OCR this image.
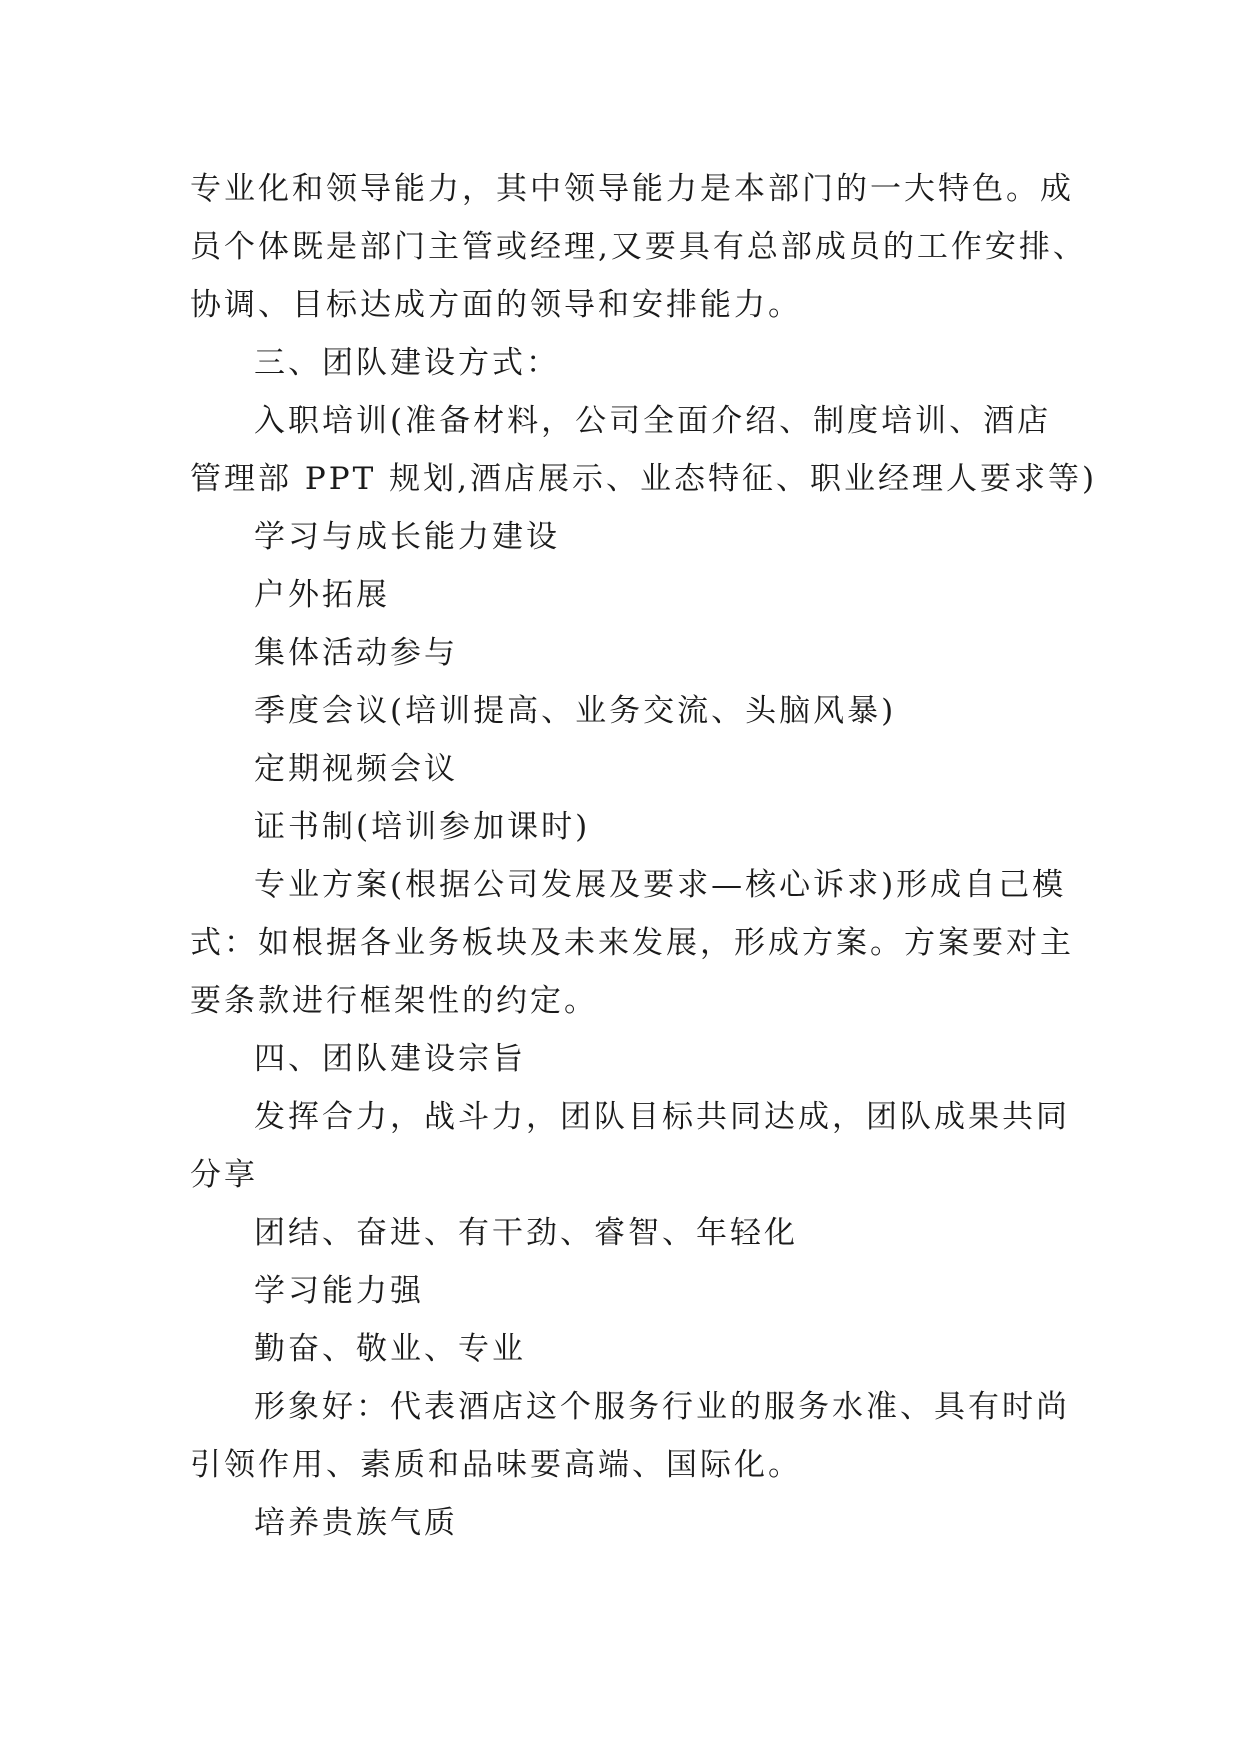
专业化和领导能力，其中领导能力是本部门的一大特色。成
员个体既是部门主管或经理,又要具有总部成员的工作安排、
协调、目标达成方面的领导和安排能力。
三、团队建设方式：
入职培训(准备材料，公司全面介绍、制度培训、酒店
管理部 PPT 规划,酒店展示、业态特征、职业经理人要求等)
学习与成长能力建设
户外拓展
集体活动参与
季度会议(培训提高、业务交流、头脑风暴)
定期视频会议
证书制(培训参加课时)
专业方案(根据公司发展及要求—核心诉求)形成自己模
式：如根据各业务板块及未来发展，形成方案。方案要对主
要条款进行框架性的约定。
四、团队建设宗旨
发挥合力，战斗力，团队目标共同达成，团队成果共同
分享
团结、奋进、有干劲、睿智、年轻化
学习能力强
勤奋、敬业、专业
形象好：代表酒店这个服务行业的服务水准、具有时尚
引领作用、素质和品味要高端、国际化。
培养贵族气质
